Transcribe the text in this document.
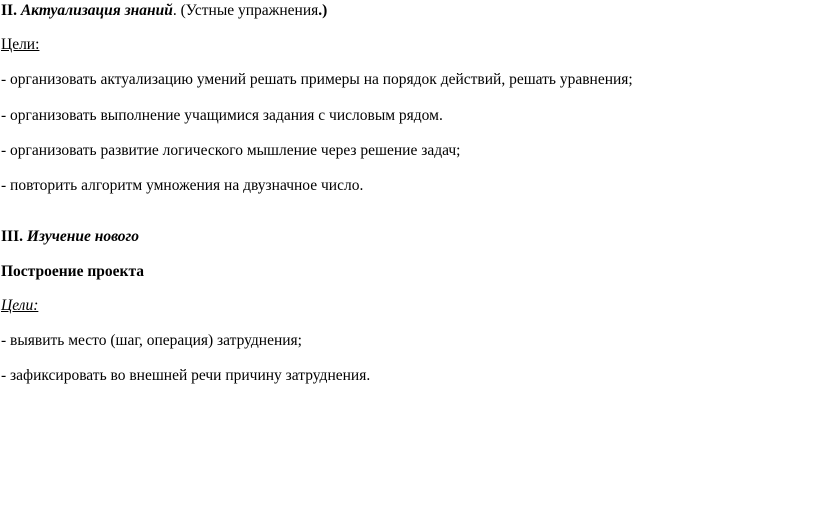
II. Актуализация знаний. (Устные упражнения.)
Цели:
- организовать актуализацию умений решать примеры на порядок действий, решать уравнения;
- организовать выполнение учащимися задания с числовым рядом.
- организовать развитие логического мышление через решение задач;
- повторить алгоритм умножения на двузначное число.
III. Изучение нового
Построение проекта
Цели:
- выявить место (шаг, операция) затруднения;
- зафиксировать во внешней речи причину затруднения.
